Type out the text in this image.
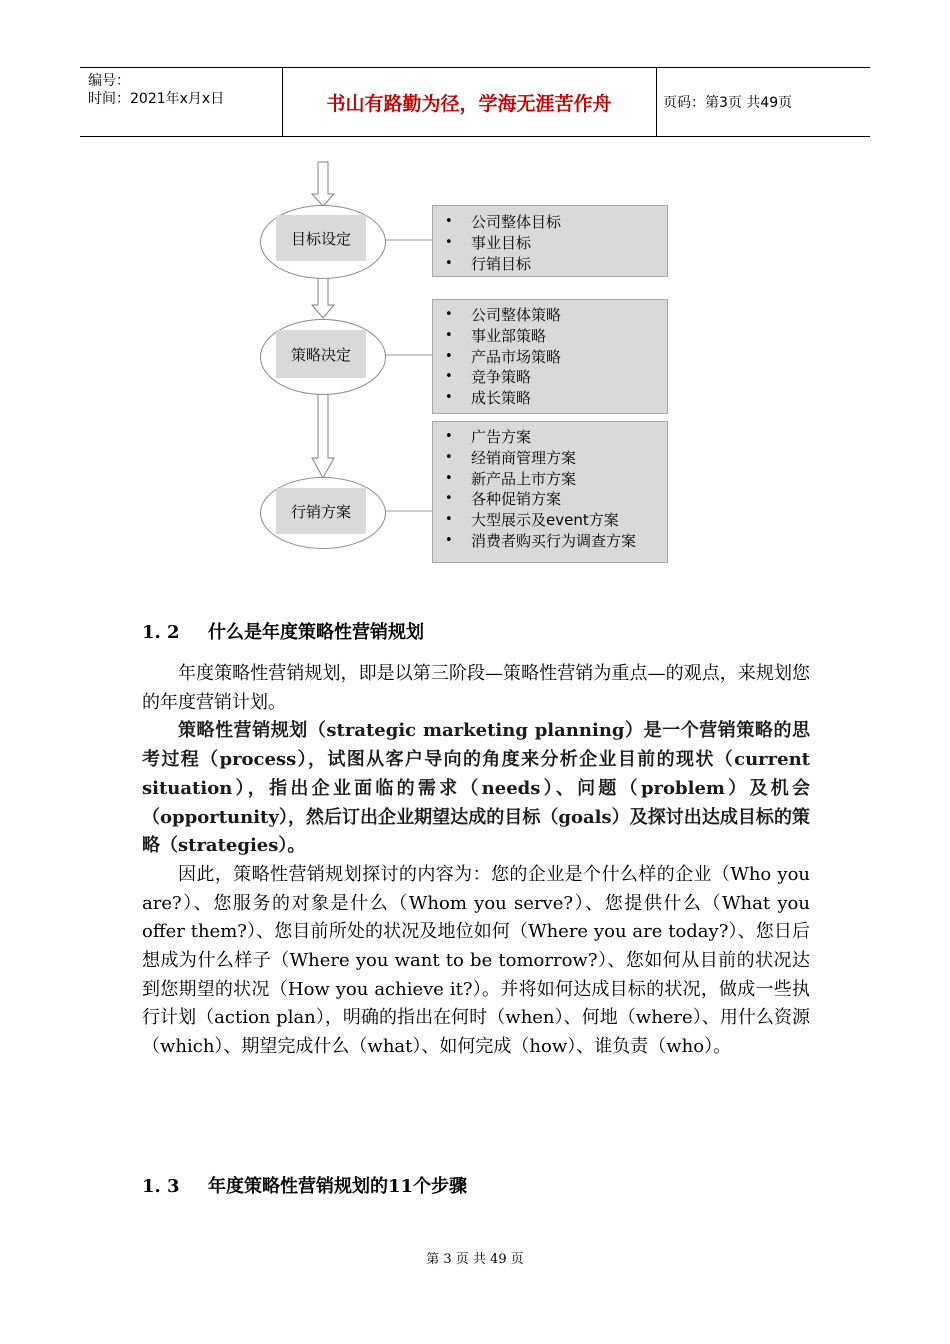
编号：
时间：2021年x月x日	书山有路勤为径，学海无涯苦作舟	页码：第3页 共49页
目标设定
• 公司整体目标
• 事业目标
• 行销目标
策略决定
• 公司整体策略
• 事业部策略
• 产品市场策略
• 竞争策略
• 成长策略
行销方案
• 广告方案
• 经销商管理方案
• 新产品上市方案
• 各种促销方案
• 大型展示及event方案
• 消费者购买行为调查方案
1. 2 什么是年度策略性营销规划

年度策略性营销规划，即是以第三阶段—策略性营销为重点—的观点，来规划您的年度营销计划。

策略性营销规划（strategic marketing planning）是一个营销策略的思考过程（process），试图从客户导向的角度来分析企业目前的现状（current situation），指出企业面临的需求（needs）、问题（problem）及机会（opportunity），然后订出企业期望达成的目标（goals）及探讨出达成目标的策略（strategies）。

因此，策略性营销规划探讨的内容为：您的企业是个什么样的企业（Who you are?）、您服务的对象是什么（Whom you serve?）、您提供什么（What you offer them?）、您目前所处的状况及地位如何（Where you are today?）、您日后想成为什么样子（Where you want to be tomorrow?）、您如何从目前的状况达到您期望的状况（How you achieve it?）。并将如何达成目标的状况，做成一些执行计划（action plan），明确的指出在何时（when）、何地（where）、用什么资源（which）、期望完成什么（what）、如何完成（how）、谁负责（who）。

1. 3 年度策略性营销规划的11个步骤
第 3 页 共 49 页
